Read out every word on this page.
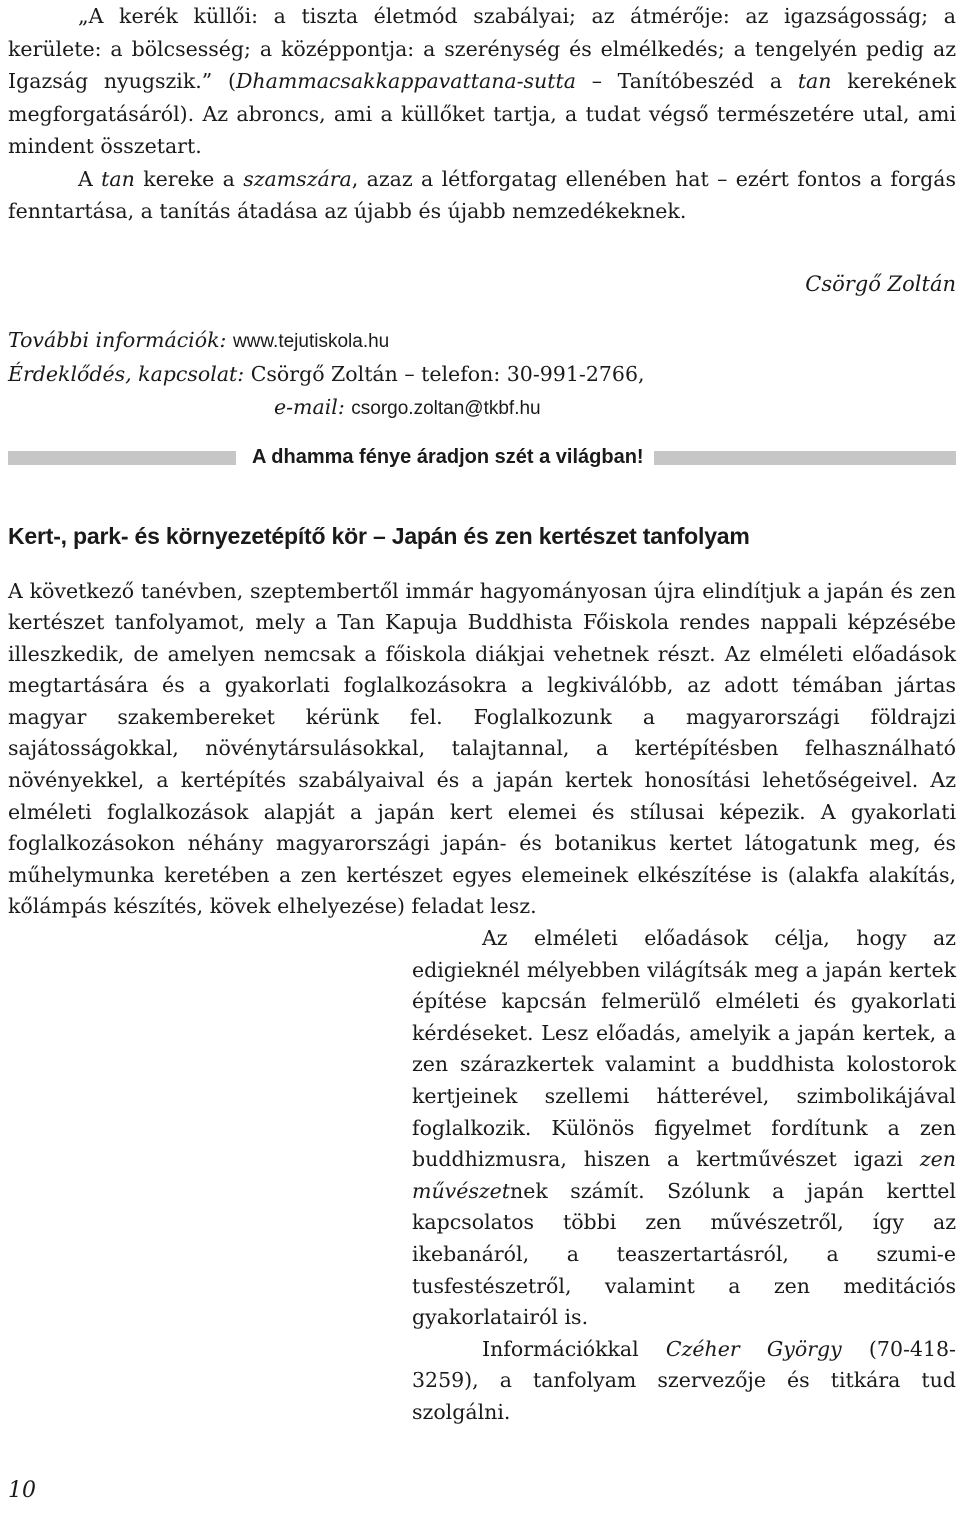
„A kerék küllői: a tiszta életmód szabályai; az átmérője: az igazságosság; a kerülete: a bölcsesség; a középpontja: a szerénység és elmélkedés; a tengelyén pedig az Igazság nyugszik.” (Dhammacsakkappavattana-sutta – Tanítóbeszéd a tan kerekének megforgatásáról). Az abroncs, ami a küllőket tartja, a tudat végső természetére utal, ami mindent összetart.

A tan kereke a szamszára, azaz a létforgatag ellenében hat – ezért fontos a forgás fenntartása, a tanítás átadása az újabb és újabb nemzedékeknek.

Csörgő Zoltán

További információk: www.tejutiskola.hu
Érdeklődés, kapcsolat: Csörgő Zoltán – telefon: 30-991-2766,
e-mail: csorgo.zoltan@tkbf.hu
A dhamma fénye áradjon szét a világban!
Kert-, park- és környezetépítő kör – Japán és zen kertészet tanfolyam

A következő tanévben, szeptembertől immár hagyományosan újra elindítjuk a japán és zen kertészet tanfolyamot, mely a Tan Kapuja Buddhista Főiskola rendes nappali képzésébe illeszkedik, de amelyen nemcsak a főiskola diákjai vehetnek részt. Az elméleti előadások megtartására és a gyakorlati foglalkozásokra a legkiválóbb, az adott témában jártas magyar szakembereket kérünk fel. Foglalkozunk a magyarországi földrajzi sajátosságokkal, növénytársulásokkal, talajtannal, a kertépítésben felhasználható növényekkel, a kertépítés szabályaival és a japán kertek honosítási lehetőségeivel. Az elméleti foglalkozások alapját a japán kert elemei és stílusai képezik. A gyakorlati foglalkozásokon néhány magyarországi japán- és botanikus kertet látogatunk meg, és műhelymunka keretében a zen kertészet egyes elemeinek elkészítése is (alakfa alakítás, kőlámpás készítés, kövek elhelyezése) feladat lesz.

Az elméleti előadások célja, hogy az edigieknél mélyebben világítsák meg a japán kertek építése kapcsán felmerülő elméleti és gyakorlati kérdéseket. Lesz előadás, amelyik a japán kertek, a zen szárazkertek valamint a buddhista kolostorok kertjeinek szellemi hátterével, szimbolikájával foglalkozik. Különös figyelmet fordítunk a zen buddhizmusra, hiszen a kertművészet igazi zen művészetnek számít. Szólunk a japán kerttel kapcsolatos többi zen művészetről, így az ikebanáról, a teaszertartásról, a szumi-e tusfestészetről, valamint a zen meditációs gyakorlatairól is.

Információkkal Czéher György (70-418-3259), a tanfolyam szervezője és titkára tud szolgálni.

10
